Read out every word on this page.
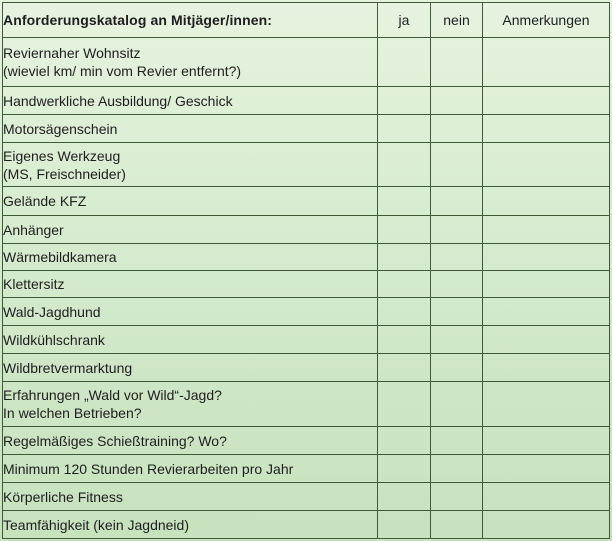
Anforderungskatalog an Mitjäger/innen:	ja	nein	Anmerkungen

Reviernaher Wohnsitz
(wieviel km/ min vom Revier entfernt?)			

Handwerkliche Ausbildung/ Geschick			

Motorsägenschein			

Eigenes Werkzeug
(MS, Freischneider)			

Gelände KFZ			

Anhänger			

Wärmebildkamera			

Klettersitz			

Wald-Jagdhund			

Wildkühlschrank			

Wildbretvermarktung			

Erfahrungen „Wald vor Wild“-Jagd?
In welchen Betrieben?			

Regelmäßiges Schießtraining? Wo?			

Minimum 120 Stunden Revierarbeiten pro Jahr			

Körperliche Fitness			

Teamfähigkeit (kein Jagdneid)			
